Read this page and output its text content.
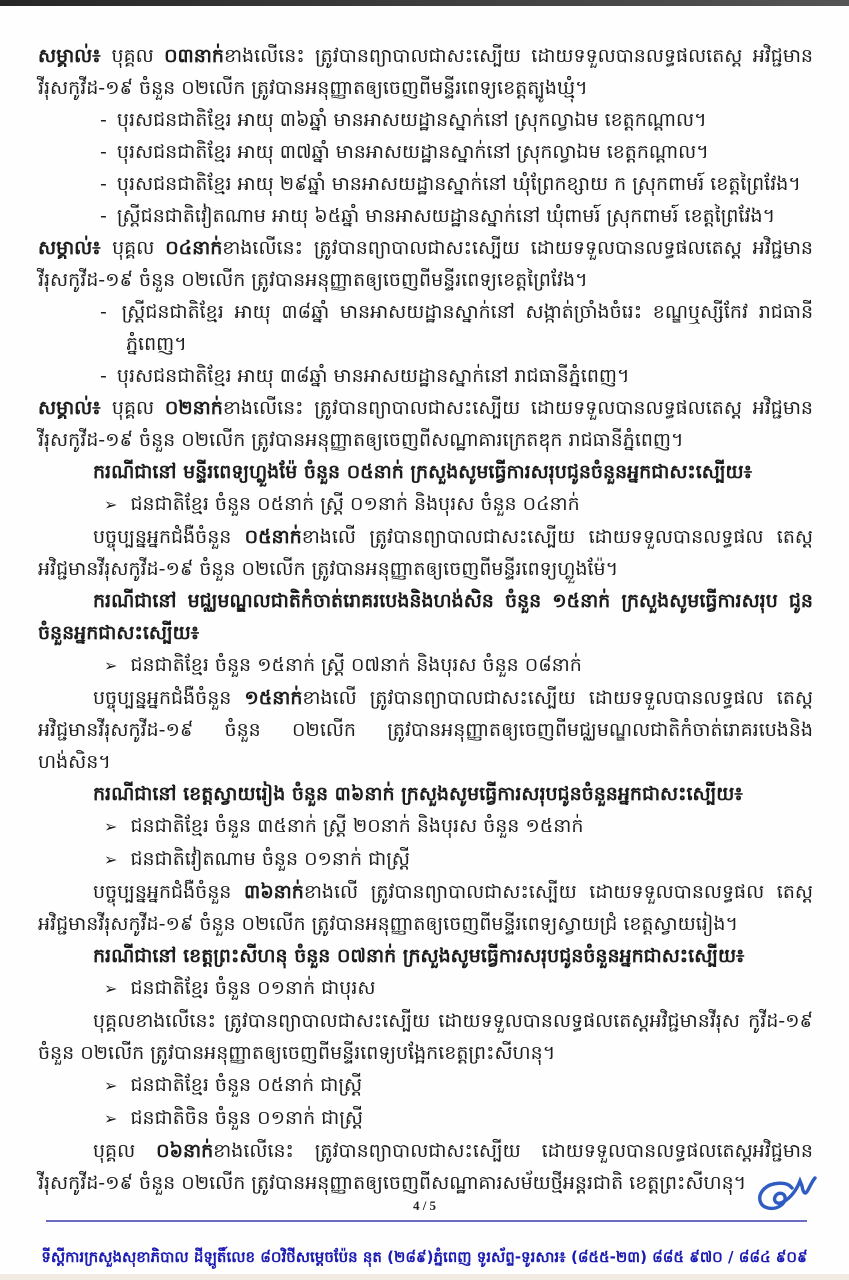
សម្គាល់៖ បុគ្គល ០៣នាក់ខាងលើនេះ ត្រូវបានព្យាបាលជាសះស្បើយ ដោយទទួលបានលទ្ធផលតេស្ត អវិជ្ជមានវីរុសកូវីដ-១៩ ចំនួន ០២លើក ត្រូវបានអនុញ្ញាតឲ្យចេញពីមន្ទីរពេទ្យខេត្តត្បូងឃ្មុំ។
- បុរសជនជាតិខ្មែរ អាយុ ៣៦ឆ្នាំ មានអាសយដ្ឋានស្នាក់នៅ ស្រុកល្វាឯម ខេត្តកណ្តាល។
- បុរសជនជាតិខ្មែរ អាយុ ៣៧ឆ្នាំ មានអាសយដ្ឋានស្នាក់នៅ ស្រុកល្វាឯម ខេត្តកណ្តាល។
- បុរសជនជាតិខ្មែរ អាយុ ២៩ឆ្នាំ មានអាសយដ្ឋានស្នាក់នៅ ឃុំព្រែកខ្សាយ ក ស្រុកពាមរ៍ ខេត្តព្រៃវែង។
- ស្ត្រីជនជាតិវៀតណាម អាយុ ៦៥ឆ្នាំ មានអាសយដ្ឋានស្នាក់នៅ ឃុំពាមរ៍ ស្រុកពាមរ៍ ខេត្តព្រៃវែង។
សម្គាល់៖ បុគ្គល ០៤នាក់ខាងលើនេះ ត្រូវបានព្យាបាលជាសះស្បើយ ដោយទទួលបានលទ្ធផលតេស្ត អវិជ្ជមានវីរុសកូវីដ-១៩ ចំនួន ០២លើក ត្រូវបានអនុញ្ញាតឲ្យចេញពីមន្ទីរពេទ្យខេត្តព្រៃវែង។
- ស្ត្រីជនជាតិខ្មែរ អាយុ ៣៨ឆ្នាំ មានអាសយដ្ឋានស្នាក់នៅ សង្កាត់ច្រាំងចំរេះ ខណ្ឌឬស្សីកែវ រាជធានី ភ្នំពេញ។
- បុរសជនជាតិខ្មែរ អាយុ ៣៨ឆ្នាំ មានអាសយដ្ឋានស្នាក់នៅ រាជធានីភ្នំពេញ។
សម្គាល់៖ បុគ្គល ០២នាក់ខាងលើនេះ ត្រូវបានព្យាបាលជាសះស្បើយ ដោយទទួលបានលទ្ធផលតេស្ត អវិជ្ជមានវីរុសកូវីដ-១៩ ចំនួន ០២លើក ត្រូវបានអនុញ្ញាតឲ្យចេញពីសណ្ឋាគារក្រេតឌុក រាជធានីភ្នំពេញ។
ករណីជានៅ មន្ទីរពេទ្យហ្លួងម៉ែ ចំនួន ០៥នាក់ ក្រសួងសូមធ្វើការសរុបជូនចំនួនអ្នកជាសះស្បើយ៖
➢ ជនជាតិខ្មែរ ចំនួន ០៥នាក់ ស្ត្រី ០១នាក់ និងបុរស ចំនួន ០៤នាក់
បច្ចុប្បន្នអ្នកជំងឺចំនួន ០៥នាក់ខាងលើ ត្រូវបានព្យាបាលជាសះស្បើយ ដោយទទួលបានលទ្ធផល តេស្តអវិជ្ជមានវីរុសកូវីដ-១៩ ចំនួន ០២លើក ត្រូវបានអនុញ្ញាតឲ្យចេញពីមន្ទីរពេទ្យហ្លួងម៉ែ។
ករណីជានៅ មជ្ឈមណ្ឌលជាតិកំចាត់រោគរបេងនិងហង់សិន ចំនួន ១៥នាក់ ក្រសួងសូមធ្វើការសរុប ជូនចំនួនអ្នកជាសះស្បើយ៖
➢ ជនជាតិខ្មែរ ចំនួន ១៥នាក់ ស្ត្រី ០៧នាក់ និងបុរស ចំនួន ០៨នាក់
បច្ចុប្បន្នអ្នកជំងឺចំនួន ១៥នាក់ខាងលើ ត្រូវបានព្យាបាលជាសះស្បើយ ដោយទទួលបានលទ្ធផល តេស្តអវិជ្ជមានវីរុសកូវីដ-១៩ ចំនួន ០២លើក ត្រូវបានអនុញ្ញាតឲ្យចេញពីមជ្ឈមណ្ឌលជាតិកំចាត់រោគរបេងនិង ហង់សិន។
ករណីជានៅ ខេត្តស្វាយរៀង ចំនួន ៣៦នាក់ ក្រសួងសូមធ្វើការសរុបជូនចំនួនអ្នកជាសះស្បើយ៖
➢ ជនជាតិខ្មែរ ចំនួន ៣៥នាក់ ស្ត្រី ២០នាក់ និងបុរស ចំនួន ១៥នាក់
➢ ជនជាតិវៀតណាម ចំនួន ០១នាក់ ជាស្ត្រី
បច្ចុប្បន្នអ្នកជំងឺចំនួន ៣៦នាក់ខាងលើ ត្រូវបានព្យាបាលជាសះស្បើយ ដោយទទួលបានលទ្ធផល តេស្តអវិជ្ជមានវីរុសកូវីដ-១៩ ចំនួន ០២លើក ត្រូវបានអនុញ្ញាតឲ្យចេញពីមន្ទីរពេទ្យស្វាយជ្រំ ខេត្តស្វាយរៀង។
ករណីជានៅ ខេត្តព្រះសីហនុ ចំនួន ០៧នាក់ ក្រសួងសូមធ្វើការសរុបជូនចំនួនអ្នកជាសះស្បើយ៖
➢ ជនជាតិខ្មែរ ចំនួន ០១នាក់ ជាបុរស
បុគ្គលខាងលើនេះ ត្រូវបានព្យាបាលជាសះស្បើយ ដោយទទួលបានលទ្ធផលតេស្តអវិជ្ជមានវីរុស កូវីដ-១៩ ចំនួន ០២លើក ត្រូវបានអនុញ្ញាតឲ្យចេញពីមន្ទីរពេទ្យបង្អែកខេត្តព្រះសីហនុ។
➢ ជនជាតិខ្មែរ ចំនួន ០៥នាក់ ជាស្ត្រី
➢ ជនជាតិចិន ចំនួន ០១នាក់ ជាស្ត្រី
បុគ្គល ០៦នាក់ខាងលើនេះ ត្រូវបានព្យាបាលជាសះស្បើយ ដោយទទួលបានលទ្ធផលតេស្តអវិជ្ជមាន វីរុសកូវីដ-១៩ ចំនួន ០២លើក ត្រូវបានអនុញ្ញាតឲ្យចេញពីសណ្ឋាគារសម័យថ្មីអន្តរជាតិ ខេត្តព្រះសីហនុ។
4 / 5
ទីស្តីការក្រសួងសុខាភិបាល ដីឡូតិ៍លេខ ៨០វិថីសម្តេចប៉ែន នុត (២៨៩)ភ្នំពេញ ទូរស័ព្ទ-ទូរសារ៖ (៨៥៥-២៣) ៨៨៥ ៩៧០ / ៨៨៤ ៩០៩
